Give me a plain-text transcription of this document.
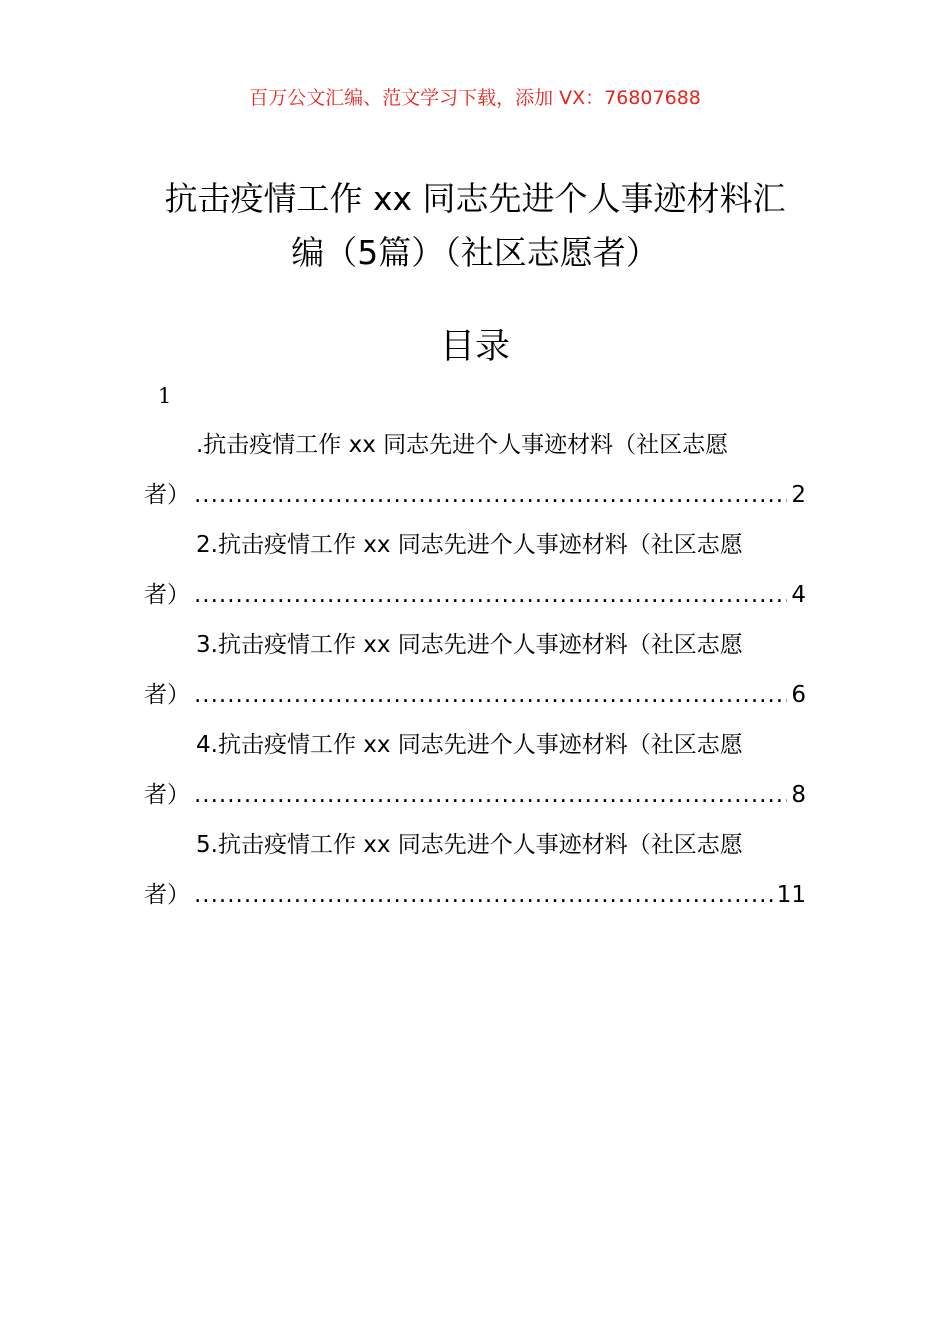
百万公文汇编、范文学习下载，添加 VX：76807688
抗击疫情工作 xx 同志先进个人事迹材料汇
编（5篇）（社区志愿者）
目录
1
.抗击疫情工作 xx 同志先进个人事迹材料（社区志愿
者） .....	2
2.抗击疫情工作 xx 同志先进个人事迹材料（社区志愿
者） .....	4
3.抗击疫情工作 xx 同志先进个人事迹材料（社区志愿
者） .....	6
4.抗击疫情工作 xx 同志先进个人事迹材料（社区志愿
者） .....	8
5.抗击疫情工作 xx 同志先进个人事迹材料（社区志愿
者） .....	11
